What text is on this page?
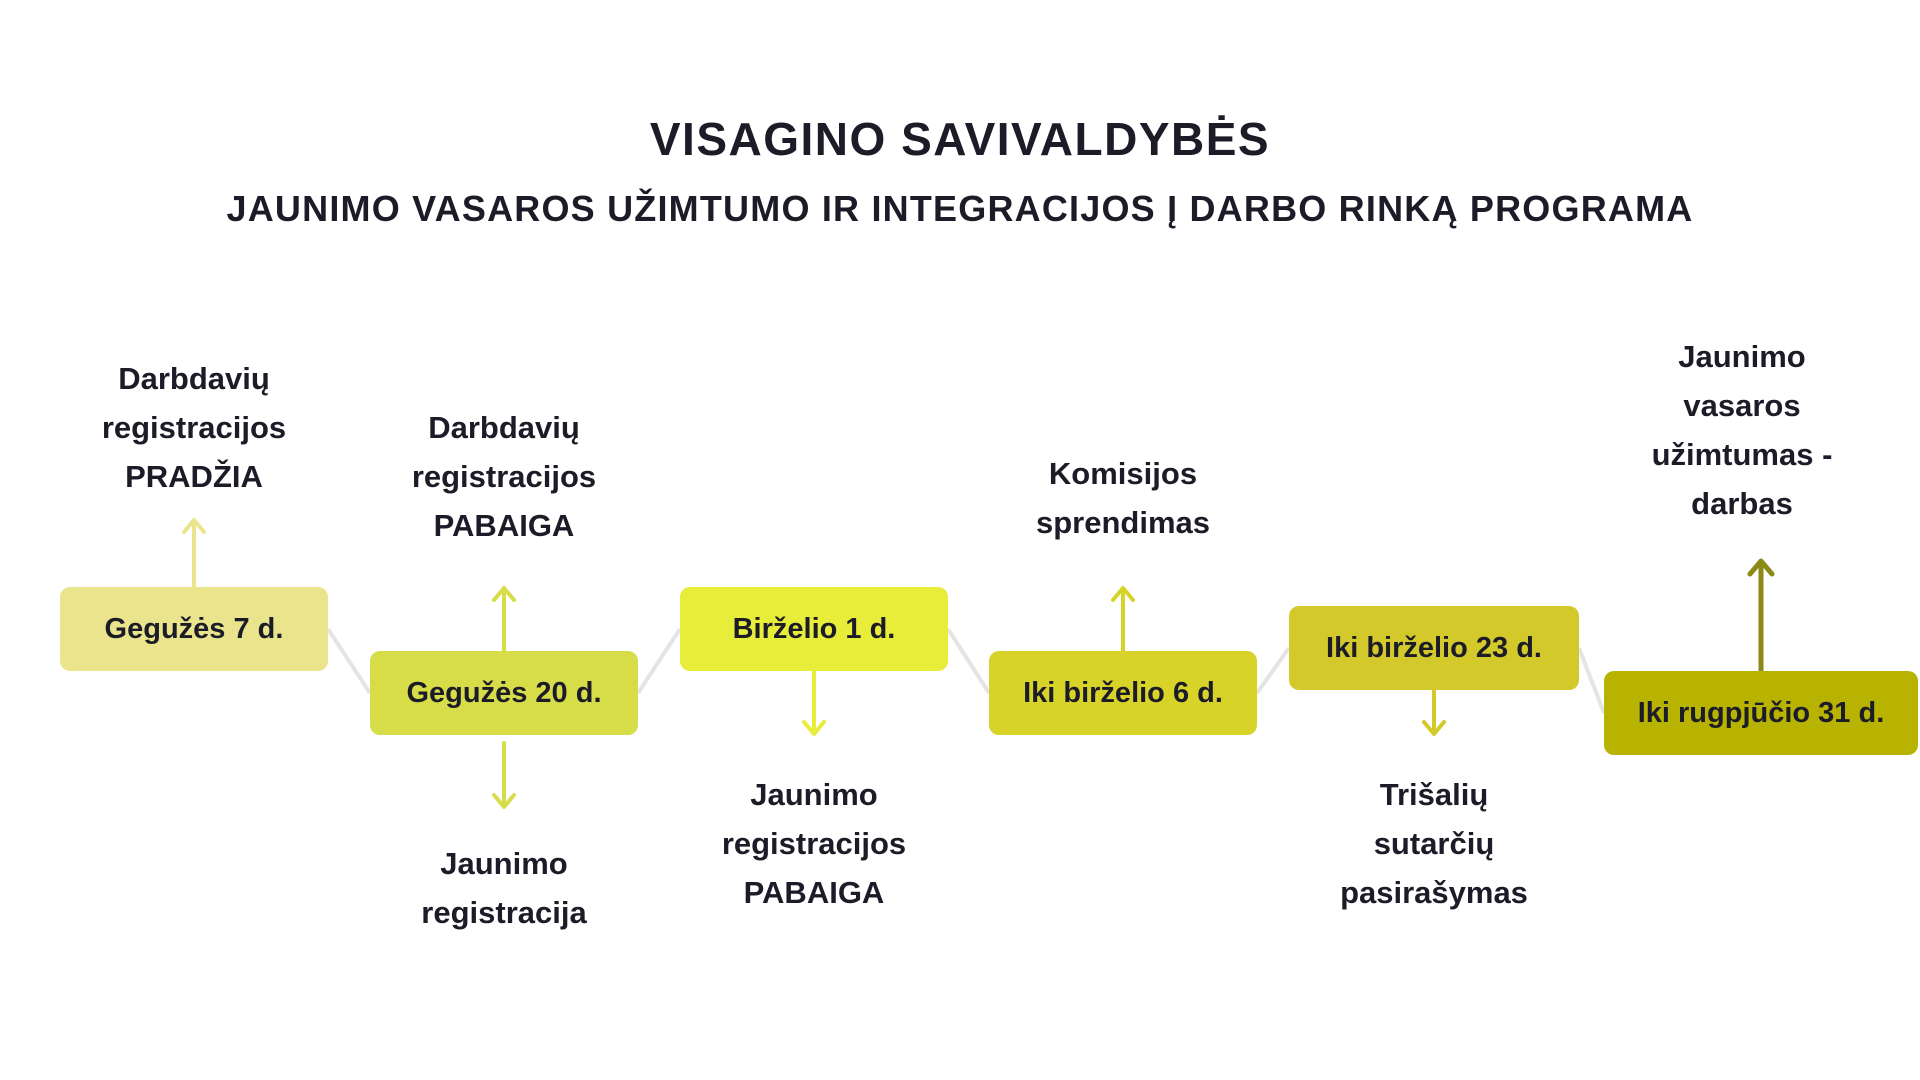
VISAGINO SAVIVALDYBĖS
JAUNIMO VASAROS UŽIMTUMO IR INTEGRACIJOS Į DARBO RINKĄ PROGRAMA
Gegužės 7 d.
Gegužės 20 d.
Birželio 1 d.
Iki birželio 6 d.
Iki birželio 23 d.
Iki rugpjūčio 31 d.
Darbdavių
registracijos
PRADŽIA
Darbdavių
registracijos
PABAIGA
Jaunimo
registracija
Jaunimo
registracijos
PABAIGA
Komisijos
sprendimas
Trišalių
sutarčių
pasirašymas
Jaunimo
vasaros
užimtumas -
darbas
